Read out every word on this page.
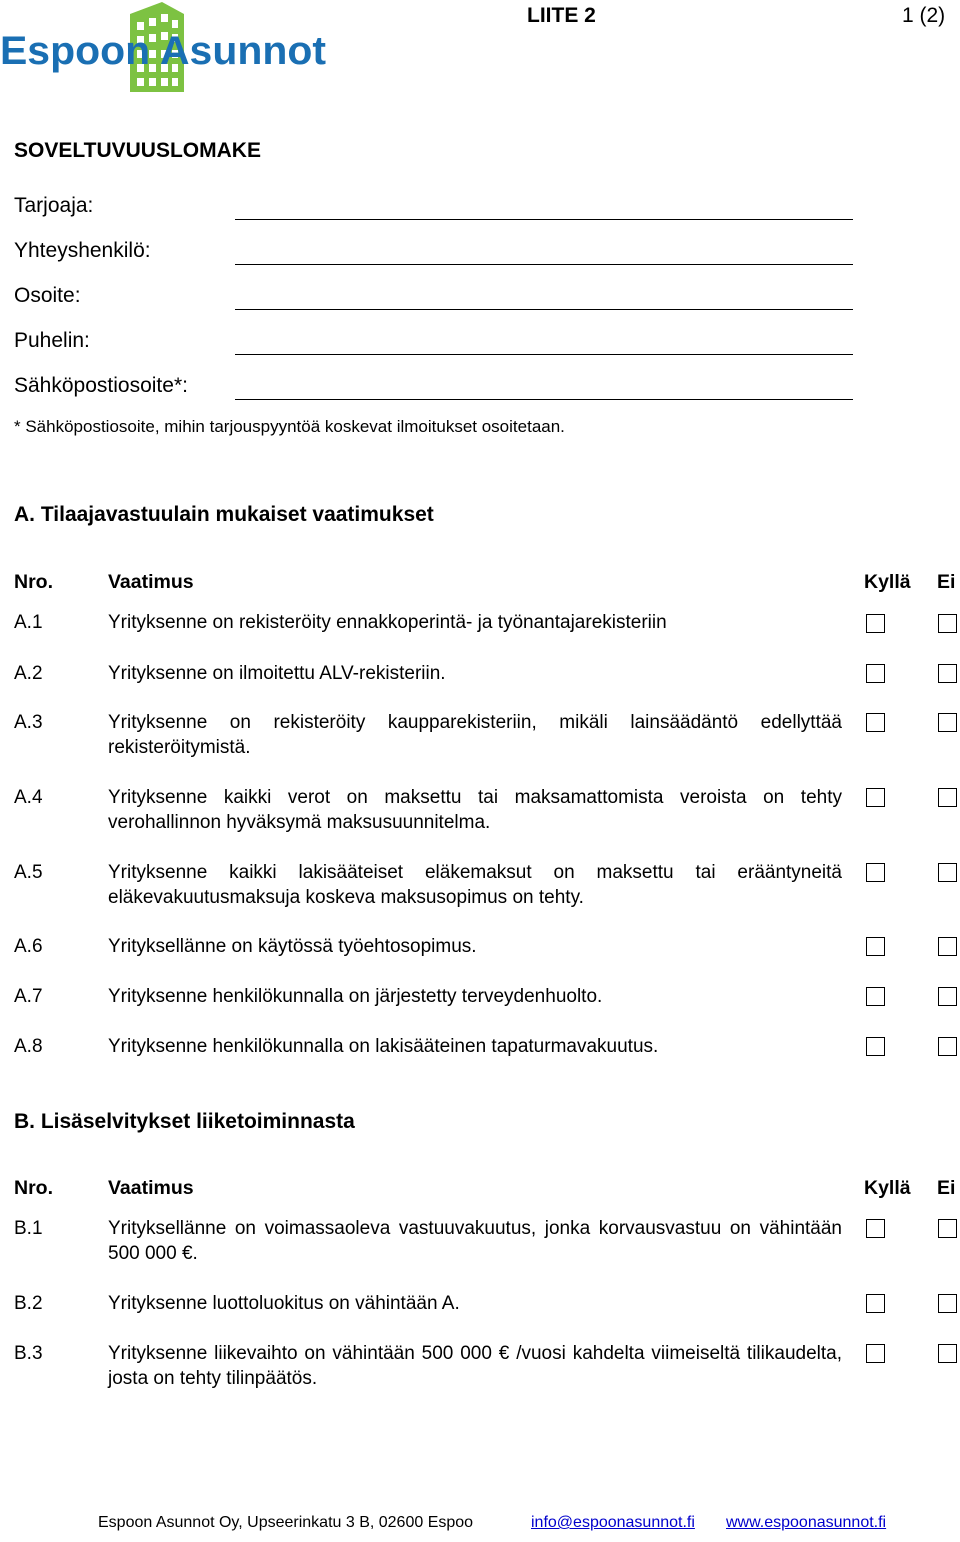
Espoon Asunnot
LIITE 2	1 (2)
SOVELTUVUUSLOMAKE
Tarjoaja:
Yhteyshenkilö:
Osoite:
Puhelin:
Sähköpostiosoite*:
* Sähköpostiosoite, mihin tarjouspyyntöä koskevat ilmoitukset osoitetaan.
A. Tilaajavastuulain mukaiset vaatimukset
Nro.	Vaatimus	Kyllä Ei
A.1	Yrityksenne on rekisteröity ennakkoperintä- ja työnantajarekisteriin
A.2	Yrityksenne on ilmoitettu ALV-rekisteriin.
A.3	Yrityksenne on rekisteröity kaupparekisteriin, mikäli lainsäädäntö edellyttää rekisteröitymistä.
A.4	Yrityksenne kaikki verot on maksettu tai maksamattomista veroista on tehty verohallinnon hyväksymä maksusuunnitelma.
A.5	Yrityksenne kaikki lakisääteiset eläkemaksut on maksettu tai erääntyneitä eläkevakuutusmaksuja koskeva maksusopimus on tehty.
A.6	Yrityksellänne on käytössä työehtosopimus.
A.7	Yrityksenne henkilökunnalla on järjestetty terveydenhuolto.
A.8	Yrityksenne henkilökunnalla on lakisääteinen tapaturmavakuutus.
B. Lisäselvitykset liiketoiminnasta
Nro.	Vaatimus	Kyllä Ei
B.1	Yrityksellänne on voimassaoleva vastuuvakuutus, jonka korvausvastuu on vähintään 500 000 €.
B.2	Yrityksenne luottoluokitus on vähintään A.
B.3	Yrityksenne liikevaihto on vähintään 500 000 € /vuosi kahdelta viimeiseltä tilikaudelta, josta on tehty tilinpäätös.
Espoon Asunnot Oy, Upseerinkatu 3 B, 02600 Espoo	info@espoonasunnot.fi www.espoonasunnot.fi
